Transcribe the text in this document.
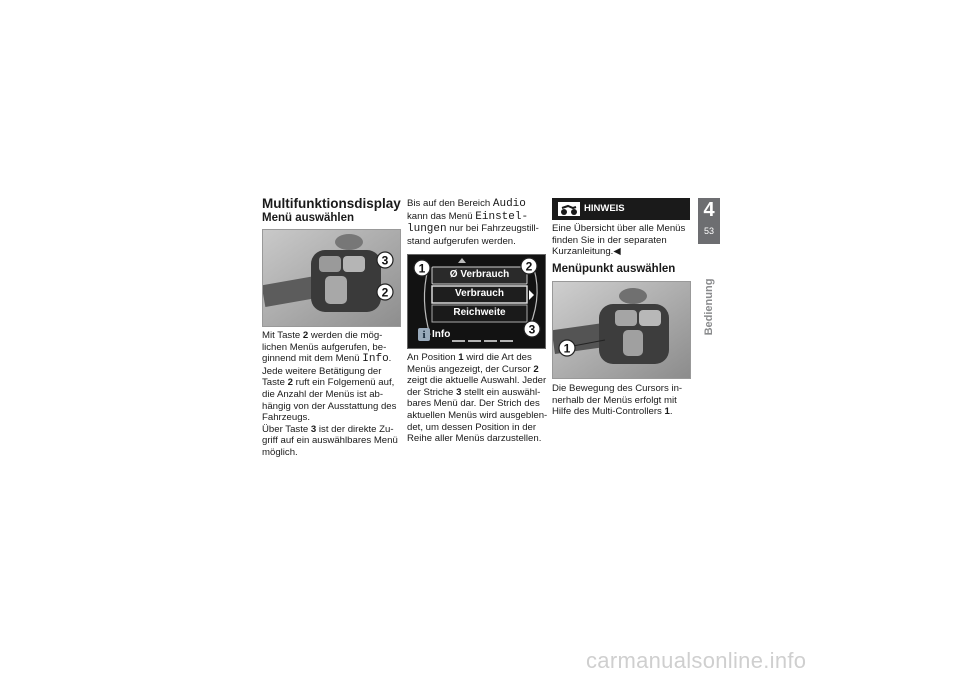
Multifunktionsdisplay
Menü auswählen
3
2

Mit Taste 2 werden die mög-lichen Menüs aufgerufen, be-ginnend mit dem Menü Info. Jede weitere Betätigung der Taste 2 ruft ein Folgemenü auf, die Anzahl der Menüs ist ab-hängig von der Ausstattung des Fahrzeugs.

Über Taste 3 ist der direkte Zu-griff auf ein auswählbares Menü möglich.

Bis auf den Bereich Audio kann das Menü Einstel-lungen nur bei Fahrzeugstill-stand aufgerufen werden.

i
Ø Verbrauch
Verbrauch
Reichweite
Info
1	2
3

An Position 1 wird die Art des Menüs angezeigt, der Cursor 2 zeigt die aktuelle Auswahl. Jeder der Striche 3 stellt ein auswähl-bares Menü dar. Der Strich des aktuellen Menüs wird ausgeblen-det, um dessen Position in der Reihe aller Menüs darzustellen.

HINWEIS

Eine Übersicht über alle Menüs finden Sie in der separaten Kurzanleitung.◀

Menüpunkt auswählen
1

Die Bewegung des Cursors in-nerhalb der Menüs erfolgt mit Hilfe des Multi-Controllers 1.

4
53
Bedienung
carmanualsonline.info
